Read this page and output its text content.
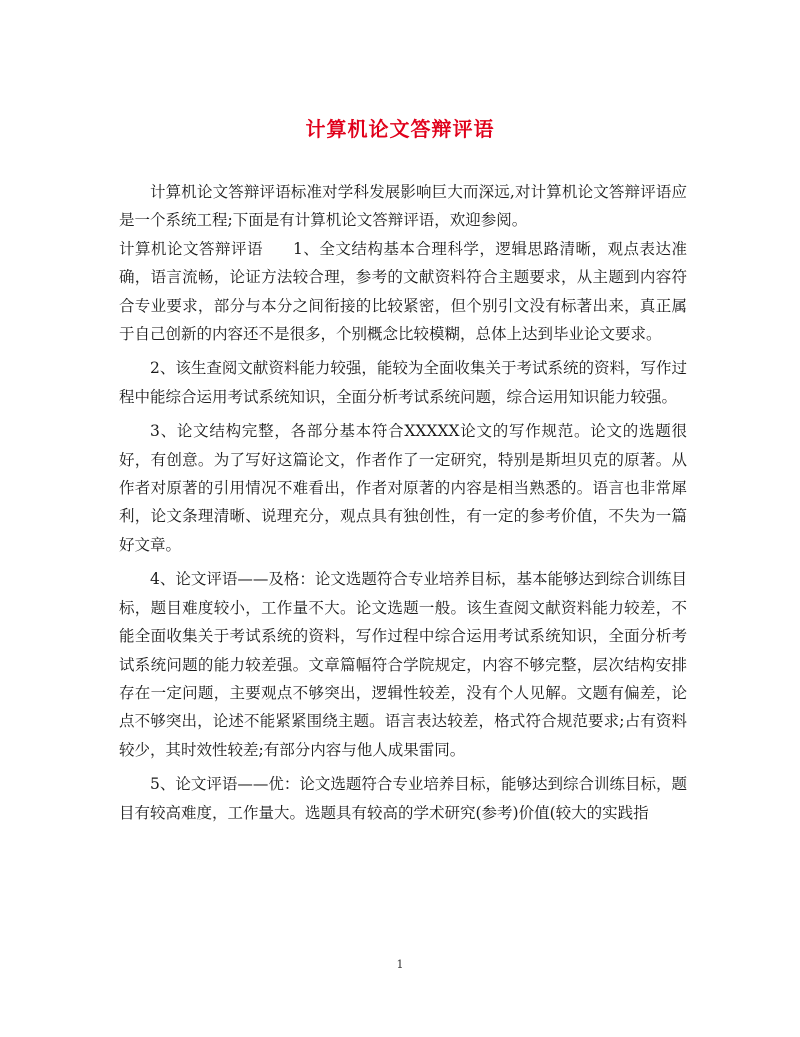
计算机论文答辩评语

计算机论文答辩评语标准对学科发展影响巨大而深远,对计算机论文答辩评语应是一个系统工程;下面是有计算机论文答辩评语，欢迎参阅。

计算机论文答辩评语 1、全文结构基本合理科学，逻辑思路清晰，观点表达准确，语言流畅，论证方法较合理，参考的文献资料符合主题要求，从主题到内容符合专业要求，部分与本分之间衔接的比较紧密，但个别引文没有标著出来，真正属于自己创新的内容还不是很多，个别概念比较模糊，总体上达到毕业论文要求。

2、该生查阅文献资料能力较强，能较为全面收集关于考试系统的资料，写作过程中能综合运用考试系统知识，全面分析考试系统问题，综合运用知识能力较强。

3、论文结构完整，各部分基本符合XXXXX论文的写作规范。论文的选题很好，有创意。为了写好这篇论文，作者作了一定研究，特别是斯坦贝克的原著。从作者对原著的引用情况不难看出，作者对原著的内容是相当熟悉的。语言也非常犀利，论文条理清晰、说理充分，观点具有独创性，有一定的参考价值，不失为一篇好文章。

4、论文评语——及格：论文选题符合专业培养目标，基本能够达到综合训练目标，题目难度较小，工作量不大。论文选题一般。该生查阅文献资料能力较差，不能全面收集关于考试系统的资料，写作过程中综合运用考试系统知识，全面分析考试系统问题的能力较差强。文章篇幅符合学院规定，内容不够完整，层次结构安排存在一定问题，主要观点不够突出，逻辑性较差，没有个人见解。文题有偏差，论点不够突出，论述不能紧紧围绕主题。语言表达较差，格式符合规范要求;占有资料较少，其时效性较差;有部分内容与他人成果雷同。

5、论文评语——优：论文选题符合专业培养目标，能够达到综合训练目标，题目有较高难度，工作量大。选题具有较高的学术研究(参考)价值(较大的实践指

1
